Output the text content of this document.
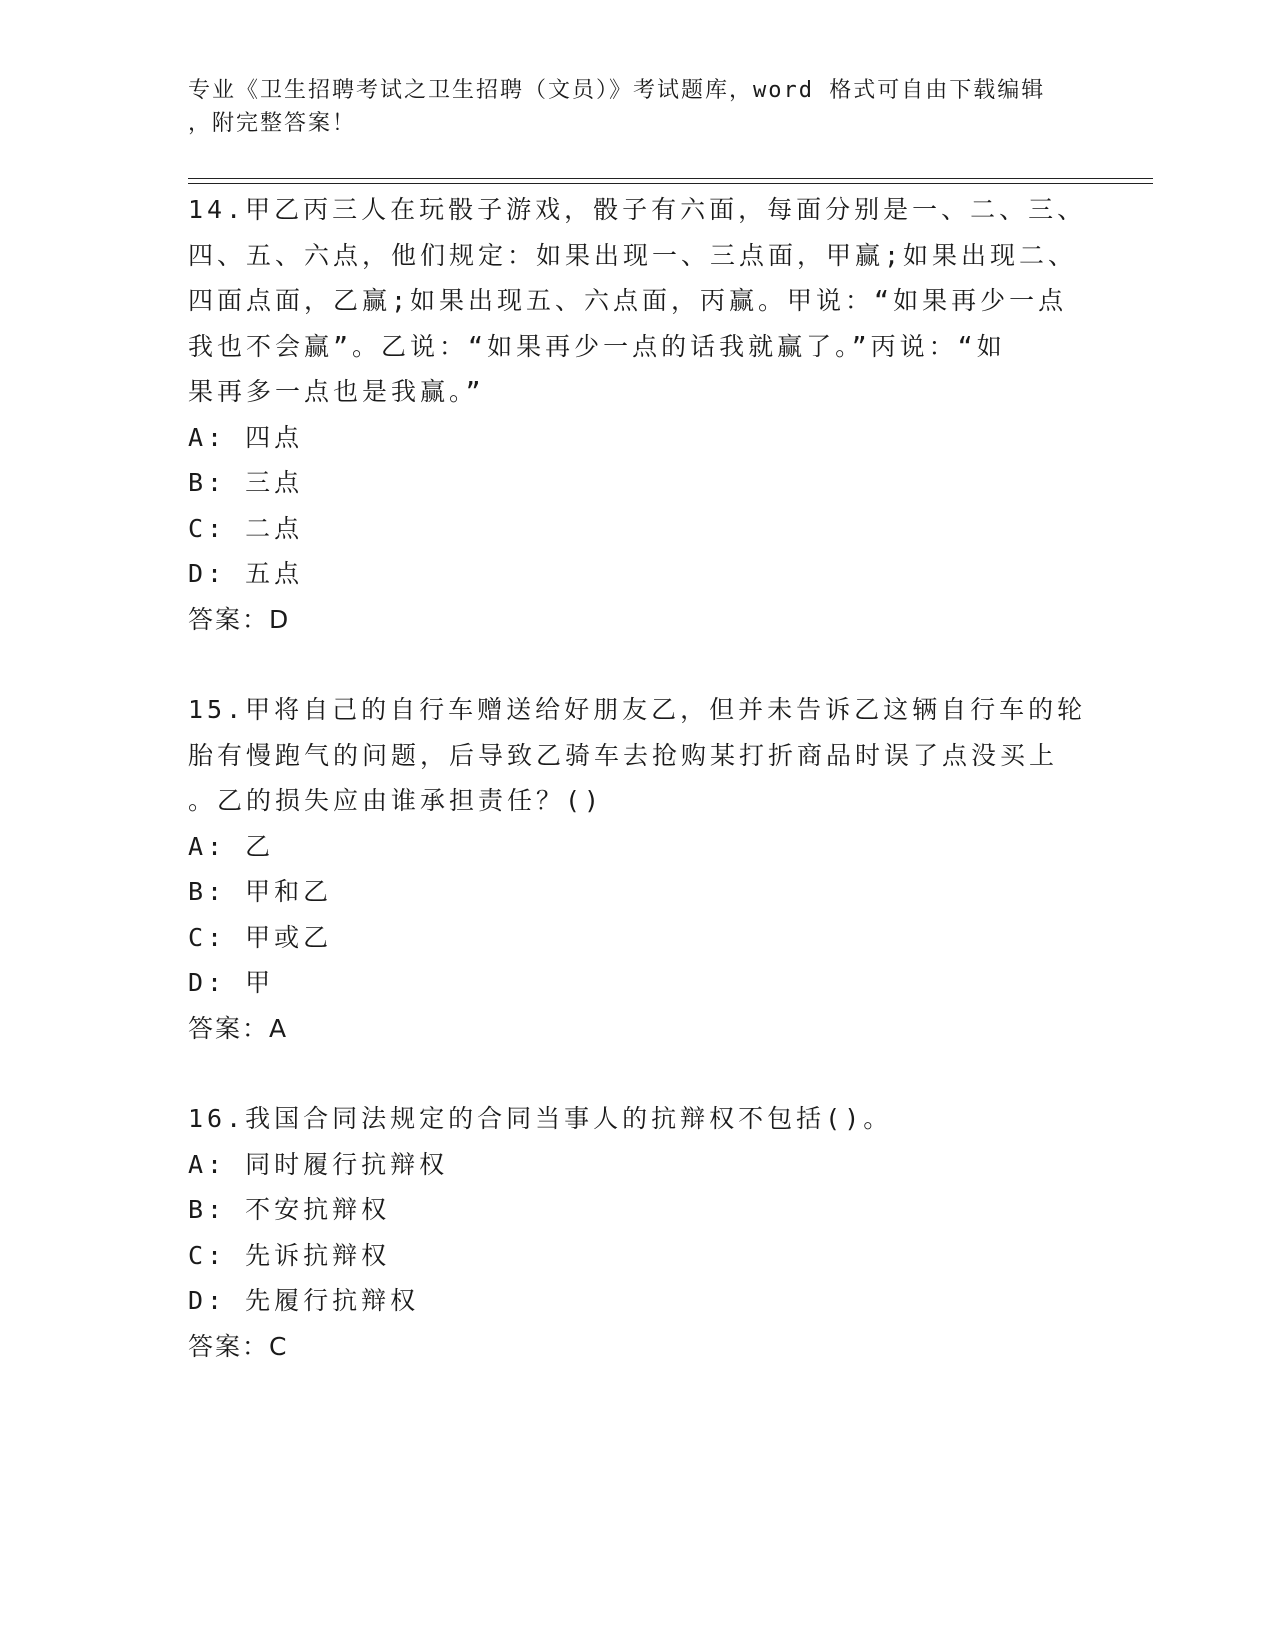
专业《卫生招聘考试之卫生招聘（文员）》考试题库，word 格式可自由下载编辑
，附完整答案！
14.甲乙丙三人在玩骰子游戏，骰子有六面，每面分别是一、二、三、
四、五、六点，他们规定：如果出现一、三点面，甲赢;如果出现二、
四面点面，乙赢;如果出现五、六点面，丙赢。甲说：“如果再少一点
我也不会赢”。乙说：“如果再少一点的话我就赢了。”丙说：“如
果再多一点也是我赢。”
A: 四点
B: 三点
C: 二点
D: 五点
答案：D
15.甲将自己的自行车赠送给好朋友乙，但并未告诉乙这辆自行车的轮
胎有慢跑气的问题，后导致乙骑车去抢购某打折商品时误了点没买上
。乙的损失应由谁承担责任？()
A: 乙
B: 甲和乙
C: 甲或乙
D: 甲
答案：A
16.我国合同法规定的合同当事人的抗辩权不包括()。
A: 同时履行抗辩权
B: 不安抗辩权
C: 先诉抗辩权
D: 先履行抗辩权
答案：C
